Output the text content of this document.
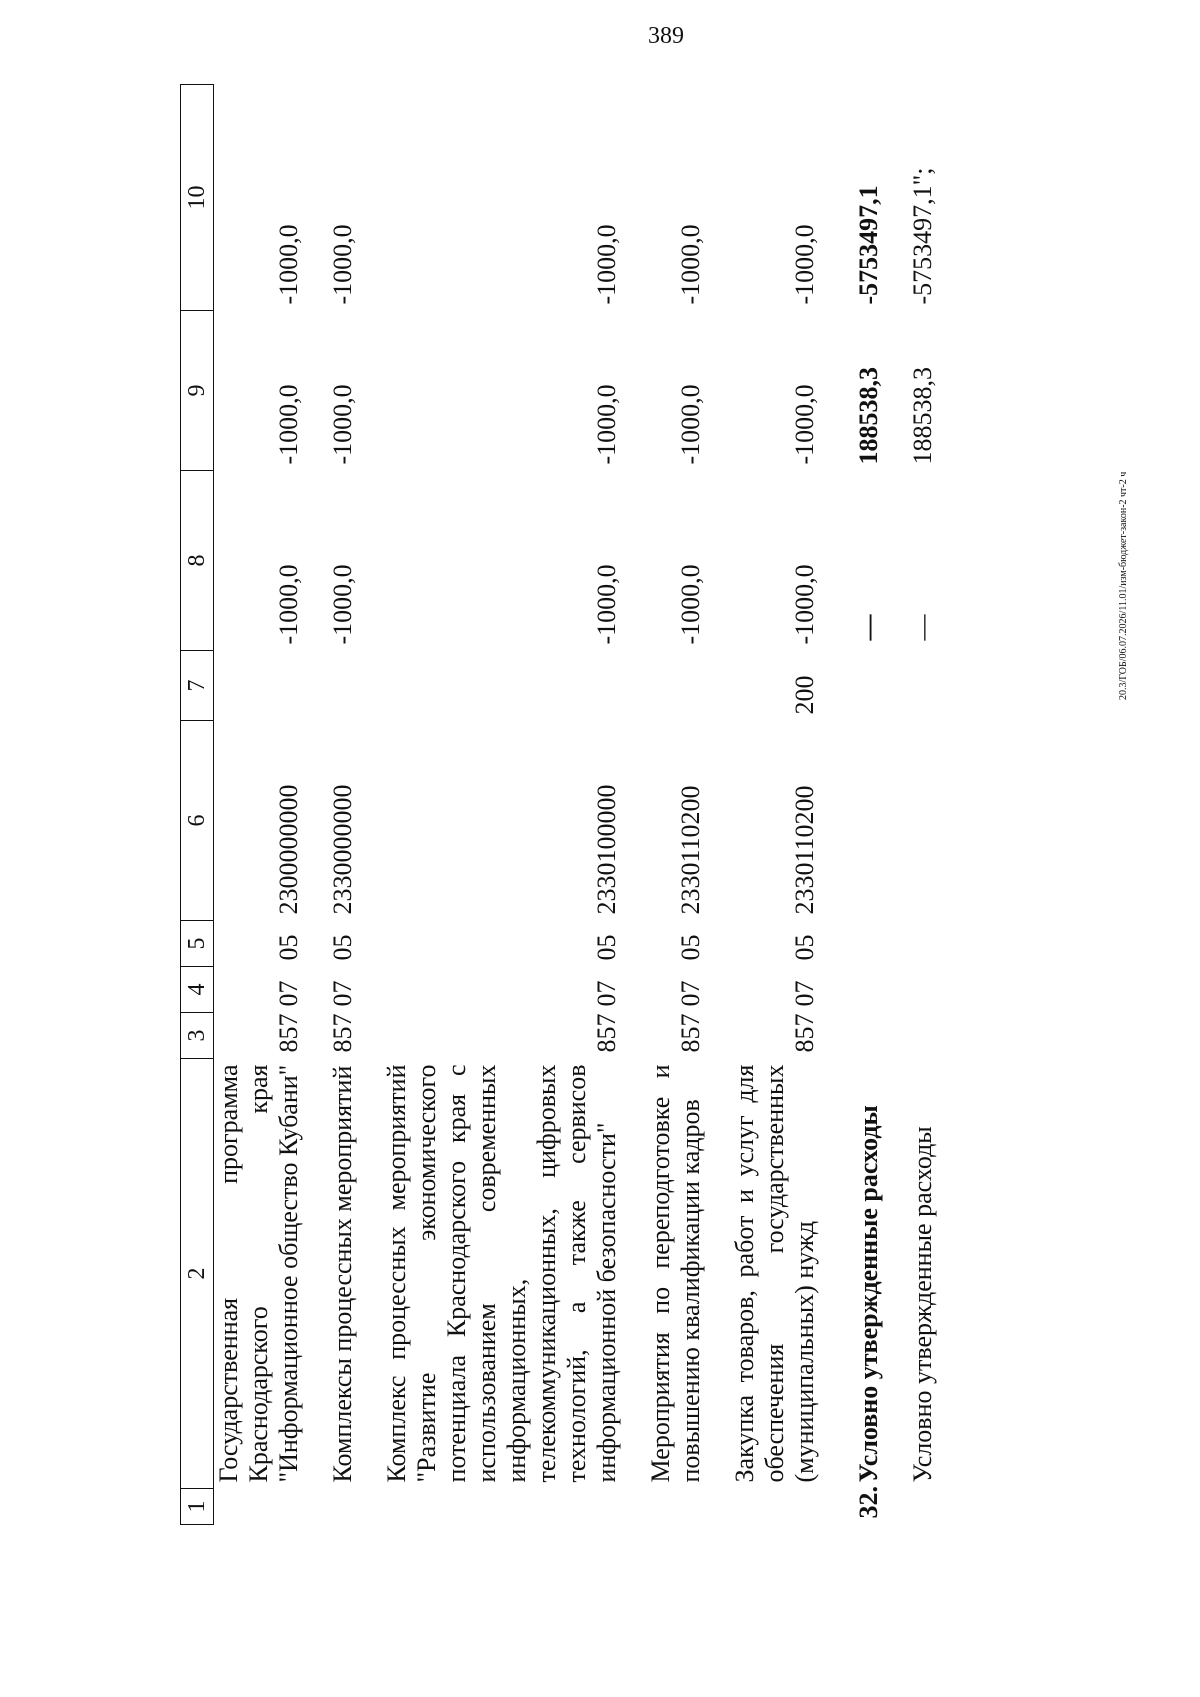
389
20.3/ГОБ/06.07.2026/11.01/изм-бюджет-закон-2 чт-2 ч
1	2	3	4	5	6	7	8	9	10
	Государственная программа Краснодарского края "Информационное общество Кубани"	857	07	05	2300000000		-1000,0	-1000,0	-1000,0

	Комплексы процессных мероприятий	857	07	05	2330000000		-1000,0	-1000,0	-1000,0

	Комплекс процессных мероприятий "Развитие экономического потенциала Краснодарского края с использованием современных информационных, телекоммуникационных, цифровых технологий, а также сервисов информационной безопасности"	857	07	05	2330100000		-1000,0	-1000,0	-1000,0

	Мероприятия по переподготовке и повышению квалификации кадров	857	07	05	2330110200		-1000,0	-1000,0	-1000,0

	Закупка товаров, работ и услуг для обеспечения государственных (муниципальных) нужд	857	07	05	2330110200	200	-1000,0	-1000,0	-1000,0

32.	Условно утвержденные расходы						—	188538,3	-5753497,1

	Условно утвержденные расходы						—	188538,3	-5753497,1";
